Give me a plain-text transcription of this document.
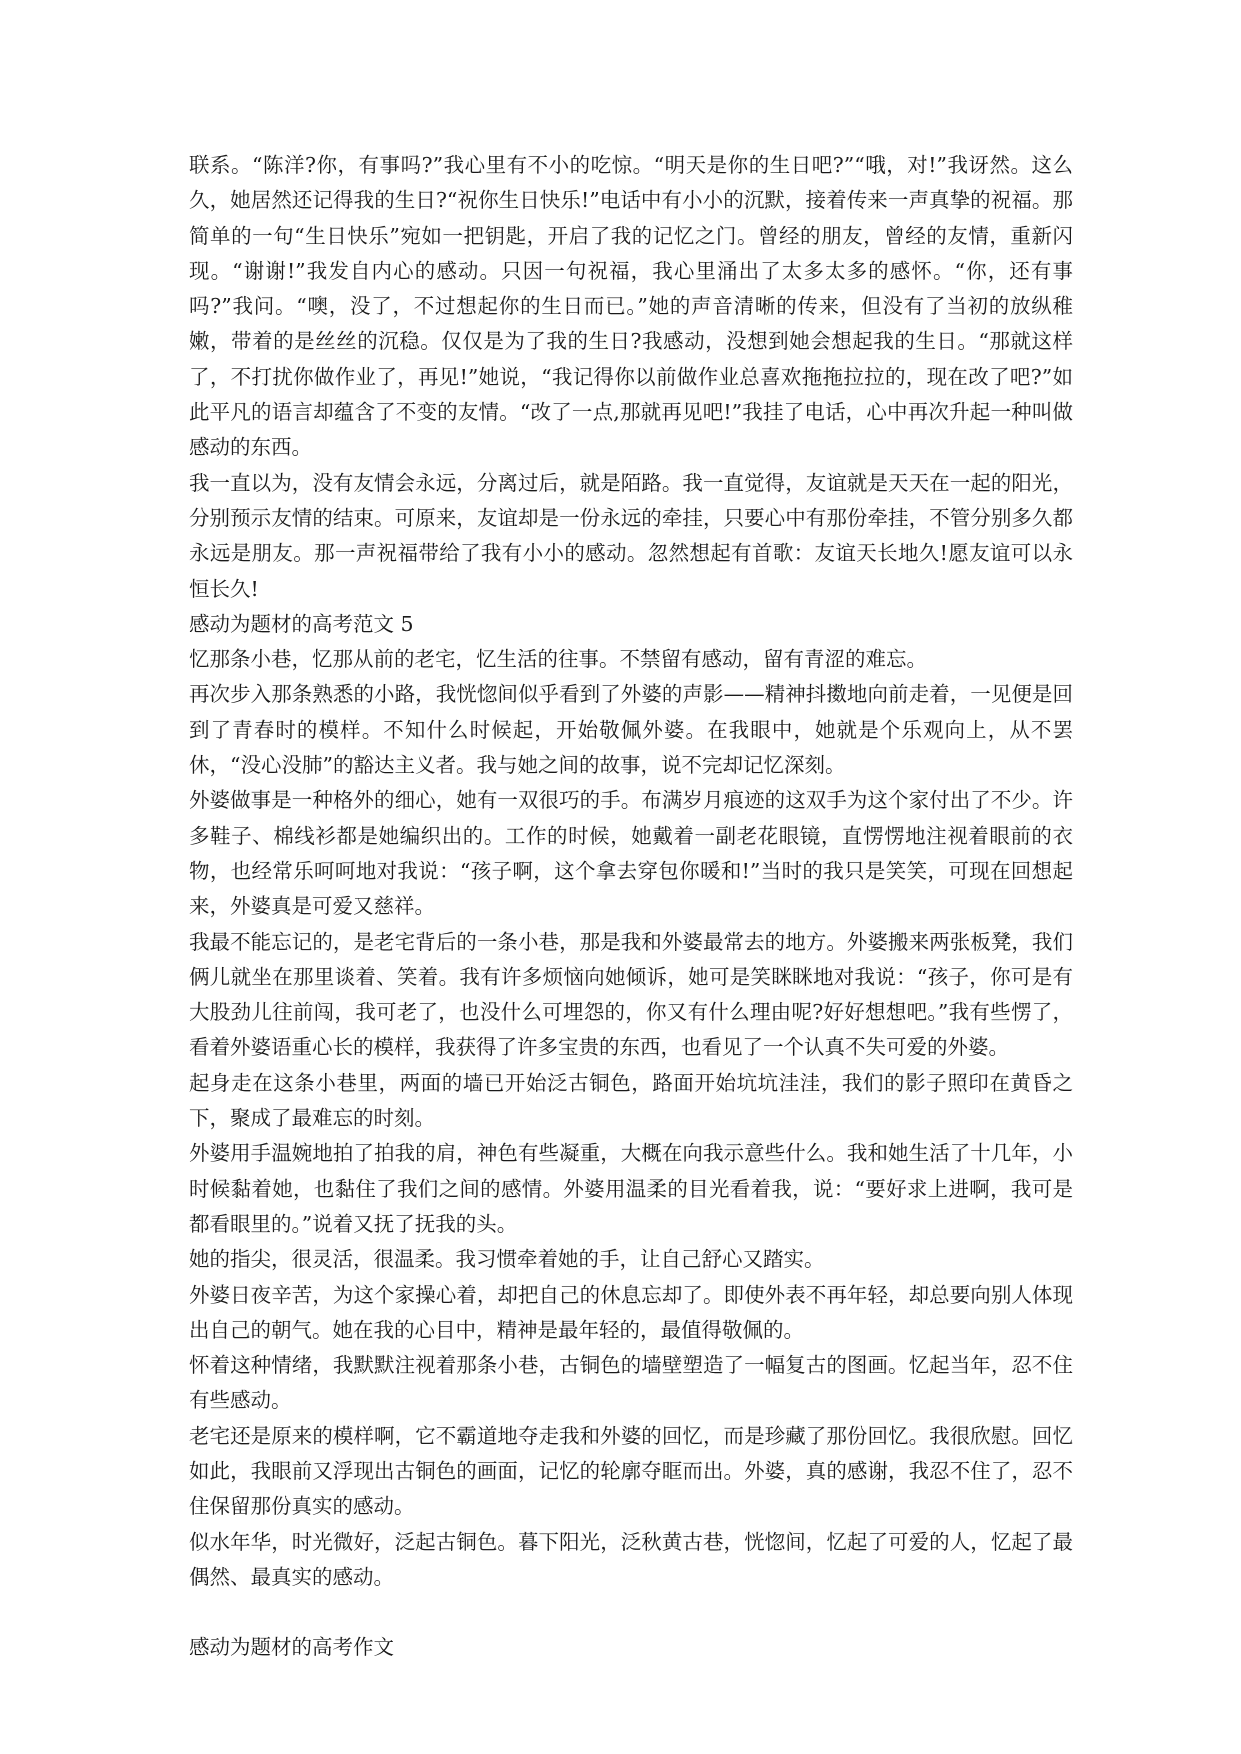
联系。“陈洋?你，有事吗?”我心里有不小的吃惊。“明天是你的生日吧?”“哦，对!”我讶然。这么久，她居然还记得我的生日?“祝你生日快乐!”电话中有小小的沉默，接着传来一声真挚的祝福。那简单的一句“生日快乐”宛如一把钥匙，开启了我的记忆之门。曾经的朋友，曾经的友情，重新闪现。“谢谢!”我发自内心的感动。只因一句祝福，我心里涌出了太多太多的感怀。“你，还有事吗?”我问。“噢，没了，不过想起你的生日而已。”她的声音清晰的传来，但没有了当初的放纵稚嫩，带着的是丝丝的沉稳。仅仅是为了我的生日?我感动，没想到她会想起我的生日。“那就这样了，不打扰你做作业了，再见!”她说，“我记得你以前做作业总喜欢拖拖拉拉的，现在改了吧?”如此平凡的语言却蕴含了不变的友情。“改了一点,那就再见吧!”我挂了电话，心中再次升起一种叫做感动的东西。

我一直以为，没有友情会永远，分离过后，就是陌路。我一直觉得，友谊就是天天在一起的阳光，分别预示友情的结束。可原来，友谊却是一份永远的牵挂，只要心中有那份牵挂，不管分别多久都永远是朋友。那一声祝福带给了我有小小的感动。忽然想起有首歌：友谊天长地久!愿友谊可以永恒长久!

感动为题材的高考范文 5

忆那条小巷，忆那从前的老宅，忆生活的往事。不禁留有感动，留有青涩的难忘。

再次步入那条熟悉的小路，我恍惚间似乎看到了外婆的声影——精神抖擞地向前走着，一见便是回到了青春时的模样。不知什么时候起，开始敬佩外婆。在我眼中，她就是个乐观向上，从不罢休，“没心没肺”的豁达主义者。我与她之间的故事，说不完却记忆深刻。

外婆做事是一种格外的细心，她有一双很巧的手。布满岁月痕迹的这双手为这个家付出了不少。许多鞋子、棉线衫都是她编织出的。工作的时候，她戴着一副老花眼镜，直愣愣地注视着眼前的衣物，也经常乐呵呵地对我说：“孩子啊，这个拿去穿包你暖和!”当时的我只是笑笑，可现在回想起来，外婆真是可爱又慈祥。

我最不能忘记的，是老宅背后的一条小巷，那是我和外婆最常去的地方。外婆搬来两张板凳，我们俩儿就坐在那里谈着、笑着。我有许多烦恼向她倾诉，她可是笑眯眯地对我说：“孩子，你可是有大股劲儿往前闯，我可老了，也没什么可埋怨的，你又有什么理由呢?好好想想吧。”我有些愣了，看着外婆语重心长的模样，我获得了许多宝贵的东西，也看见了一个认真不失可爱的外婆。

起身走在这条小巷里，两面的墙已开始泛古铜色，路面开始坑坑洼洼，我们的影子照印在黄昏之下，聚成了最难忘的时刻。

外婆用手温婉地拍了拍我的肩，神色有些凝重，大概在向我示意些什么。我和她生活了十几年，小时候黏着她，也黏住了我们之间的感情。外婆用温柔的目光看着我，说：“要好求上进啊，我可是都看眼里的。”说着又抚了抚我的头。

她的指尖，很灵活，很温柔。我习惯牵着她的手，让自己舒心又踏实。

外婆日夜辛苦，为这个家操心着，却把自己的休息忘却了。即使外表不再年轻，却总要向别人体现出自己的朝气。她在我的心目中，精神是最年轻的，最值得敬佩的。

怀着这种情绪，我默默注视着那条小巷，古铜色的墙壁塑造了一幅复古的图画。忆起当年，忍不住有些感动。

老宅还是原来的模样啊，它不霸道地夺走我和外婆的回忆，而是珍藏了那份回忆。我很欣慰。回忆如此，我眼前又浮现出古铜色的画面，记忆的轮廓夺眶而出。外婆，真的感谢，我忍不住了，忍不住保留那份真实的感动。

似水年华，时光微好，泛起古铜色。暮下阳光，泛秋黄古巷，恍惚间，忆起了可爱的人，忆起了最偶然、最真实的感动。

感动为题材的高考作文
